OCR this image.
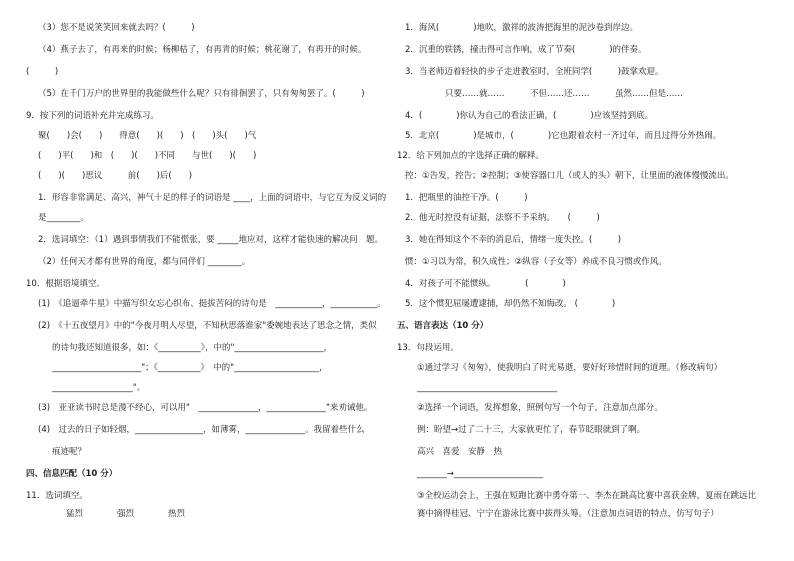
（3）您不是说笑笑回来就去吗？(　　　)
（4）燕子去了，有再来的时候；杨柳枯了，有再青的时候；桃花谢了，有再开的时候。
(　　　)
（5）在千门万户的世界里的我能做些什么呢？只有徘徊罢了，只有匆匆罢了。(　　　)
9．按下列的词语补充并完成练习。
聚(　　)会(　　)　　得意(　　)(　　)　(　　)头(　　)气
(　　)平(　　)和　(　　)(　　)不同　　与世(　　)(　　)
(　　)(　　)思议　　　前(　　)后(　　)
1．形容非常满足、高兴，神气十足的样子的词语是 ____，上面的词语中，与它互为反义词的
是________。
2．选词填空：（1）遇到事情我们不能慌张，要 _____地应对，这样才能快速的解决问　题。
（2）任何天才都有世界的角度，都与同伴们 ________。
10．根据语境填空。
(1)　《追逼牵牛星》中描写织女忘心织布、挺拔苦闷的诗句是　___________，___________。
(2)　《十五夜望月》中的"今夜月明人尽望，不知秋思落谁家"委婉地表达了思念之情，类似
的诗句我还知道很多，如：《__________》，中的"_____________________，
_____________________"；《__________》　中的"____________________，
___________________"。
(3)　亚亚读书时总是漫不经心，可以用"　______________，______________"来劝诫他。
(4)　过去的日子如轻烟，________________，如薄雾，______________。我留着些什么
痕迹呢？
四、信息匹配（10 分）
11．选词填空。
猛烈　　　　强烈　　　　热烈
1．海风(　　　　)地吹，激祥的波涛把海里的泥沙卷到岸边。
2．沉重的铁锈，撞击得可言作响，成了节奏(　　　　)的伴奏。
3．当老师迈着轻快的步子走进教室时，全班同学(　　　)鼓掌欢迎。
只要……就……　　　不但……还……　　　虽然……但是……
4．(　　　　)你认为自己的看法正确，(　　　　)应该坚持到底。
5．北京(　　　　)是城市，(　　　　)它也跟着农村一齐过年，而且过得分外热闹。
12．给下列加点的字选择正确的解释。
控：①告发，控告；②控制；③使容器口儿（或人的头）朝下，让里面的液体慢慢流出。
1．把瓶里的油控干净。(　　　)
2．他无时控没有证据，法察不予采纳。　　(　　　)
3．她在得知这个不幸的消息后，情绪一度失控。(　　　)
惯：①习以为常，积久成性；②纵容（子女等）养成不良习惯或作风。
4．对孩子可不能惯纵。　　　　(　　　　)
5．这个惯犯屈屡遭逮捕，却仍然不知悔改。 (　　　　)
五、语言表达（10 分）
13．句段运用。
①通过学习《匆匆》，使我明白了时光易逝，要好好珍惜时间的道理。（修改病句）
_________________________________
②选择一个词语，发挥想象，照例句写一个句子，注意加点部分。
例：盼望→过了二十三，大家就更忙了，春节眨眼就到了啊。
高兴　喜爱　安静　热
_______→_____________________
③全校运动会上，王强在短跑比赛中勇夺第一、李杰在跳高比赛中喜获金牌，夏雨在跳远比
赛中摘得桂冠、宁宁在游泳比赛中拔得头筹。（注意加点词语的特点，仿写句子）
